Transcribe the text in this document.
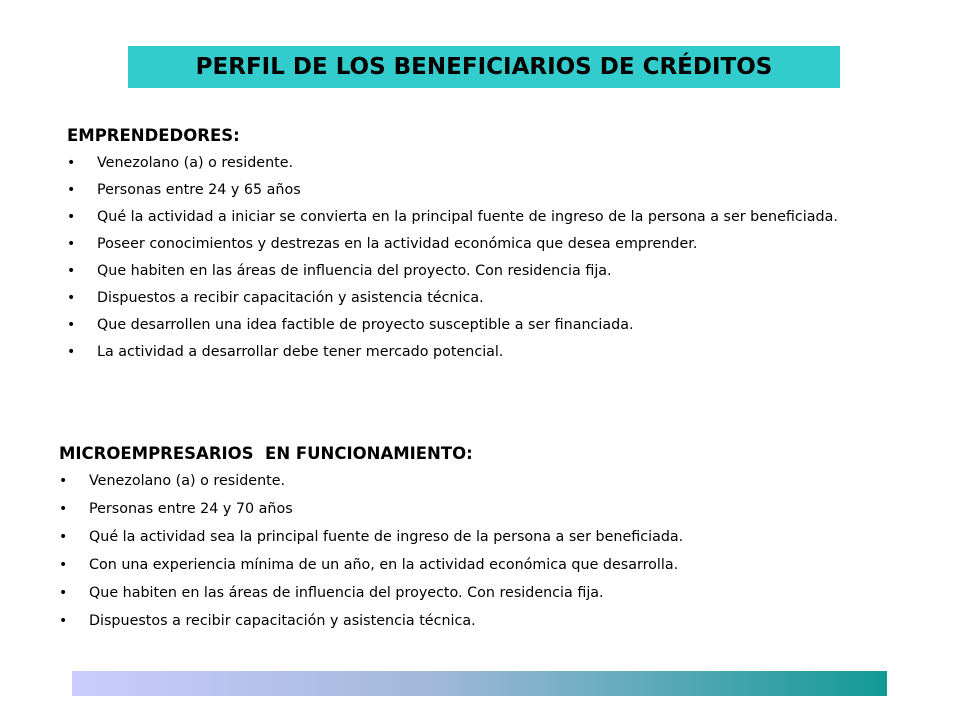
PERFIL DE LOS BENEFICIARIOS DE CRÉDITOS
EMPRENDEDORES:
• Venezolano (a) o residente.
• Personas entre 24 y 65 años
• Qué la actividad a iniciar se convierta en la principal fuente de ingreso de la persona a ser beneficiada.
• Poseer conocimientos y destrezas en la actividad económica que desea emprender.
• Que habiten en las áreas de influencia del proyecto. Con residencia fija.
• Dispuestos a recibir capacitación y asistencia técnica.
• Que desarrollen una idea factible de proyecto susceptible a ser financiada.
• La actividad a desarrollar debe tener mercado potencial.
MICROEMPRESARIOS  EN FUNCIONAMIENTO:
• Venezolano (a) o residente.
• Personas entre 24 y 70 años
• Qué la actividad sea la principal fuente de ingreso de la persona a ser beneficiada.
• Con una experiencia mínima de un año, en la actividad económica que desarrolla.
• Que habiten en las áreas de influencia del proyecto. Con residencia fija.
• Dispuestos a recibir capacitación y asistencia técnica.
